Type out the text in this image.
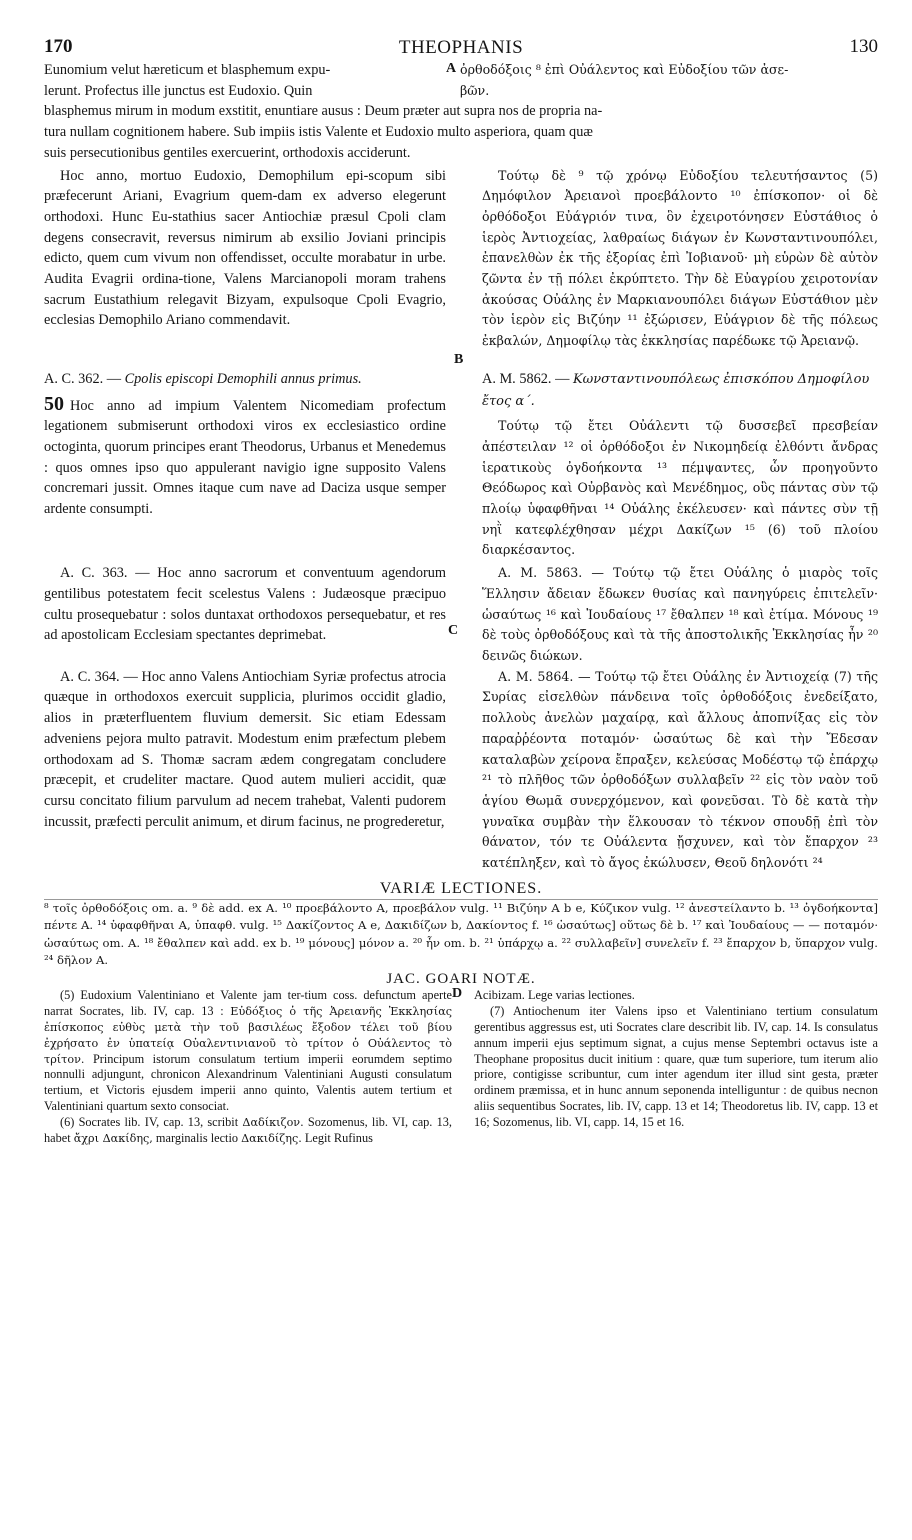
170	THEOPHANIS	130
Eunomium velut hæreticum et blasphemum expu-
lerunt. Profectus ille junctus est Eudoxio. Quin
A ὀρθοδόξοις ⁸ ἐπὶ Οὐάλεντος καὶ Εὐδοξίου τῶν ἀσε-
βῶν.
blasphemus mirum in modum exstitit, enuntiare ausus : Deum præter aut supra nos de propria na-
tura nullam cognitionem habere. Sub impiis istis Valente et Eudoxio multo asperiora, quam quæ
suis persecutionibus gentiles exercuerint, orthodoxis acciderunt.

Hoc anno, mortuo Eudoxio, Demophilum epi-scopum sibi præfecerunt Ariani, Evagrium quem-dam ex adverso elegerunt orthodoxi. Hunc Eu-stathius sacer Antiochiæ præsul Cpoli clam degens consecravit, reversus nimirum ab exsilio Joviani principis edicto, quem cum vivum non offendisset, occulte morabatur in urbe. Audita Evagrii ordina-tione, Valens Marcianopoli moram trahens sacrum Eustathium relegavit Bizyam, expulsoque Cpoli Evagrio, ecclesias Demophilo Ariano commendavit.

B

Τούτῳ δὲ ⁹ τῷ χρόνῳ Εὐδοξίου τελευτήσαντος (5) Δημόφιλον Ἀρειανοὶ προεβάλοντο ¹⁰ ἐπίσκοπον· οἱ δὲ ὀρθόδοξοι Εὐάγριόν τινα, ὃν ἐχειροτόνησεν Εὐστάθιος ὁ ἱερὸς Ἀντιοχείας, λαθραίως διάγων ἐν Κωνσταντινουπόλει, ἐπανελθὼν ἐκ τῆς ἐξορίας ἐπὶ Ἰοβιανοῦ· μὴ εὑρὼν δὲ αὐτὸν ζῶντα ἐν τῇ πόλει ἐκρύπτετο. Τὴν δὲ Εὐαγρίου χειροτονίαν ἀκούσας Οὐάλης ἐν Μαρκιανουπόλει διάγων Εὐστάθιον μὲν τὸν ἱερὸν εἰς Βιζύην ¹¹ ἐξώρισεν, Εὐάγριον δὲ τῆς πόλεως ἐκβαλών, Δημοφίλῳ τὰς ἐκκλησίας παρέδωκε τῷ Ἀρειανῷ.

A. C. 362. — Cpolis episcopi Demophili annus primus.

50 Hoc anno ad impium Valentem Nicomediam profectum legationem submiserunt orthodoxi viros ex ecclesiastico ordine octoginta, quorum principes erant Theodorus, Urbanus et Menedemus : quos omnes ipso quo appulerant navigio igne supposito Valens concremari jussit. Omnes itaque cum nave ad Daciza usque semper ardente consumpti.

A. M. 5862. — Κωνσταντινουπόλεως ἐπισκόπου Δημοφίλου ἔτος α΄.

Τούτῳ τῷ ἔτει Οὐάλεντι τῷ δυσσεβεῖ πρεσβείαν ἀπέστειλαν ¹² οἱ ὀρθόδοξοι ἐν Νικομηδείᾳ ἐλθόντι ἄνδρας ἱερατικοὺς ὀγδοήκοντα ¹³ πέμψαντες, ὧν προηγοῦντο Θεόδωρος καὶ Οὐρβανὸς καὶ Μενέδημος, οὓς πάντας σὺν τῷ πλοίῳ ὑφαφθῆναι ¹⁴ Οὐάλης ἐκέλευσεν· καὶ πάντες σὺν τῇ νηῒ κατεφλέχθησαν μέχρι Δακίζων ¹⁵ (6) τοῦ πλοίου διαρκέσαντος.

A. C. 363. — Hoc anno sacrorum et conventuum agendorum gentilibus potestatem fecit scelestus Valens : Judæosque præcipuo cultu prosequebatur : solos duntaxat orthodoxos persequebatur, et res ad apostolicam Ecclesiam spectantes deprimebat.	C

A. M. 5863. — Τούτῳ τῷ ἔτει Οὐάλης ὁ μιαρὸς τοῖς Ἕλλησιν ἄδειαν ἔδωκεν θυσίας καὶ πανηγύρεις ἐπιτελεῖν· ὡσαύτως ¹⁶ καὶ Ἰουδαίους ¹⁷ ἔθαλπεν ¹⁸ καὶ ἐτίμα. Μόνους ¹⁹ δὲ τοὺς ὀρθοδόξους καὶ τὰ τῆς ἀποστολικῆς Ἐκκλησίας ἦν ²⁰ δεινῶς διώκων.

A. C. 364. — Hoc anno Valens Antiochiam Syriæ profectus atrocia quæque in orthodoxos exercuit supplicia, plurimos occidit gladio, alios in præterfluentem fluvium demersit. Sic etiam Edessam adveniens pejora multo patravit. Modestum enim præfectum plebem orthodoxam ad S. Thomæ sacram ædem congregatam concludere præcepit, et crudeliter mactare. Quod autem mulieri accidit, quæ cursu concitato filium parvulum ad necem trahebat, Valenti pudorem incussit, præfecti perculit animum, et dirum facinus, ne progrederetur,

A. M. 5864. — Τούτῳ τῷ ἔτει Οὐάλης ἐν Ἀντιοχείᾳ (7) τῆς Συρίας εἰσελθὼν πάνδεινα τοῖς ὀρθοδόξοις ἐνεδείξατο, πολλοὺς ἀνελὼν μαχαίρᾳ, καὶ ἄλλους ἀποπνίξας εἰς τὸν παραῤῥέοντα ποταμόν· ὡσαύτως δὲ καὶ τὴν Ἔδεσαν καταλαβὼν χείρονα ἔπραξεν, κελεύσας Μοδέστῳ τῷ ἐπάρχῳ ²¹ τὸ πλῆθος τῶν ὀρθοδόξων συλλαβεῖν ²² εἰς τὸν ναὸν τοῦ ἁγίου Θωμᾶ συνερχόμενον, καὶ φονεῦσαι. Τὸ δὲ κατὰ τὴν γυναῖκα συμβὰν τὴν ἕλκουσαν τὸ τέκνον σπουδῇ ἐπὶ τὸν θάνατον, τόν τε Οὐάλεντα ᾔσχυνεν, καὶ τὸν ἔπαρχον ²³ κατέπληξεν, καὶ τὸ ἄγος ἐκώλυσεν, Θεοῦ δηλονότι ²⁴

VARIÆ LECTIONES.

⁸ τοῖς ὀρθοδόξοις om. a. ⁹ δὲ add. ex A. ¹⁰ προεβάλοντο A, προεβάλον vulg. ¹¹ Βιζύην A b e, Κύζικον vulg. ¹² ἀνεστείλαντο b. ¹³ ὀγδοήκοντα] πέντε A. ¹⁴ ὑφαφθῆναι A, ὑπαφθ. vulg. ¹⁵ Δακίζοντος A e, Δακιδίζων b, Δακίοντος f. ¹⁶ ὡσαύτως] οὕτως δὲ b. ¹⁷ καὶ Ἰουδαίους — — ποταμόν· ὡσαύτως om. A. ¹⁸ ἔθαλπεν καὶ add. ex b. ¹⁹ μόνους] μόνον a. ²⁰ ἦν om. b. ²¹ ὑπάρχῳ a. ²² συλλαβεῖν] συνελεῖν f. ²³ ἔπαρχον b, ὕπαρχον vulg. ²⁴ δῆλον A.

JAC. GOARI NOTÆ.

(5) Eudoxium Valentiniano et Valente jam ter-tium coss. defunctum aperte narrat Socrates, lib. IV, cap. 13 : Εὐδόξιος ὁ τῆς Ἀρειανῆς Ἐκκλησίας ἐπίσκοπος εὐθὺς μετὰ τὴν τοῦ βασιλέως ἔξοδον τέλει τοῦ βίου ἐχρήσατο ἐν ὑπατείᾳ Οὐαλεντινιανοῦ τὸ τρίτον ὁ Οὐάλεντος τὸ τρίτον. Principum istorum consulatum tertium imperii eorumdem septimo nonnulli adjungunt, chronicon Alexandrinum Valentiniani Augusti consulatum tertium, et Victoris ejusdem imperii anno quinto, Valentis autem tertium et Valentiniani quartum sexto consociat.
(6) Socrates lib. IV, cap. 13, scribit Δαδίκιζον. Sozomenus, lib. VI, cap. 13, habet ἄχρι Δακίδης, marginalis lectio Δακιδίζης. Legit Rufinus

D Acibizam. Lege varias lectiones.

(7) Antiochenum iter Valens ipso et Valentiniano tertium consulatum gerentibus aggressus est, uti Socrates clare describit lib. IV, cap. 14. Is consulatus annum imperii ejus septimum signat, a cujus mense Septembri octavus iste a Theophane propositus ducit initium : quare, quæ tum superiore, tum iterum alio priore, contigisse scribuntur, cum inter agendum iter illud sint gesta, præter ordinem præmissa, et in hunc annum seponenda intelliguntur : de quibus necnon aliis sequentibus Socrates, lib. IV, capp. 13 et 14; Theodoretus lib. IV, capp. 13 et 16; Sozomenus, lib. VI, capp. 14, 15 et 16.
